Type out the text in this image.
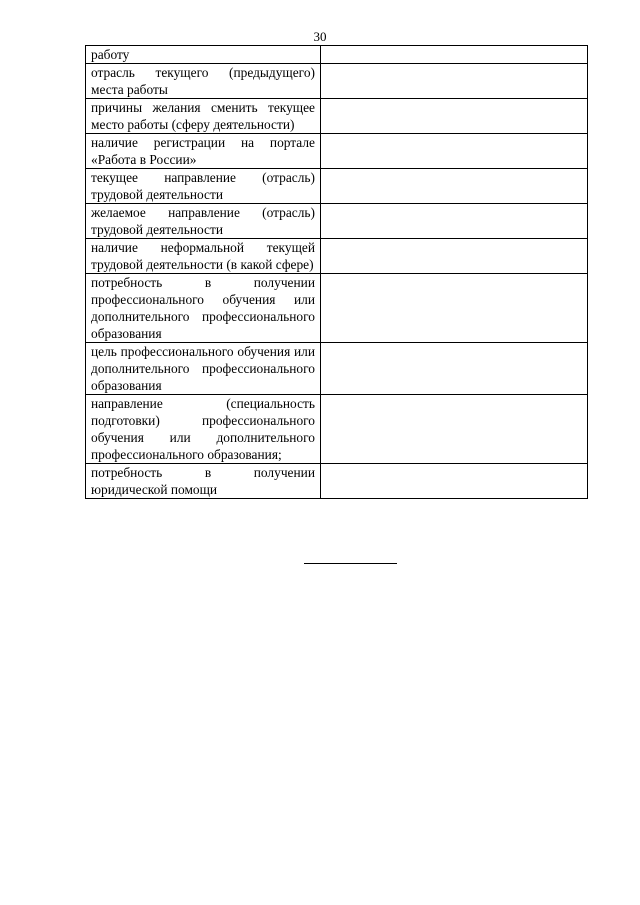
30
работу	
отрасль текущего (предыдущего) места работы	
причины желания сменить текущее место работы (сферу деятельности)	
наличие регистрации на портале «Работа в России»	
текущее направление (отрасль) трудовой деятельности	
желаемое направление (отрасль) трудовой деятельности	
наличие неформальной текущей трудовой деятельности (в какой сфере)	
потребность в получении профессионального обучения или дополнительного профессионального образования	
цель профессионального обучения или дополнительного профессионального образования	
направление (специальность подготовки) профессионального обучения или дополнительного профессионального образования;	
потребность в получении юридической помощи	
